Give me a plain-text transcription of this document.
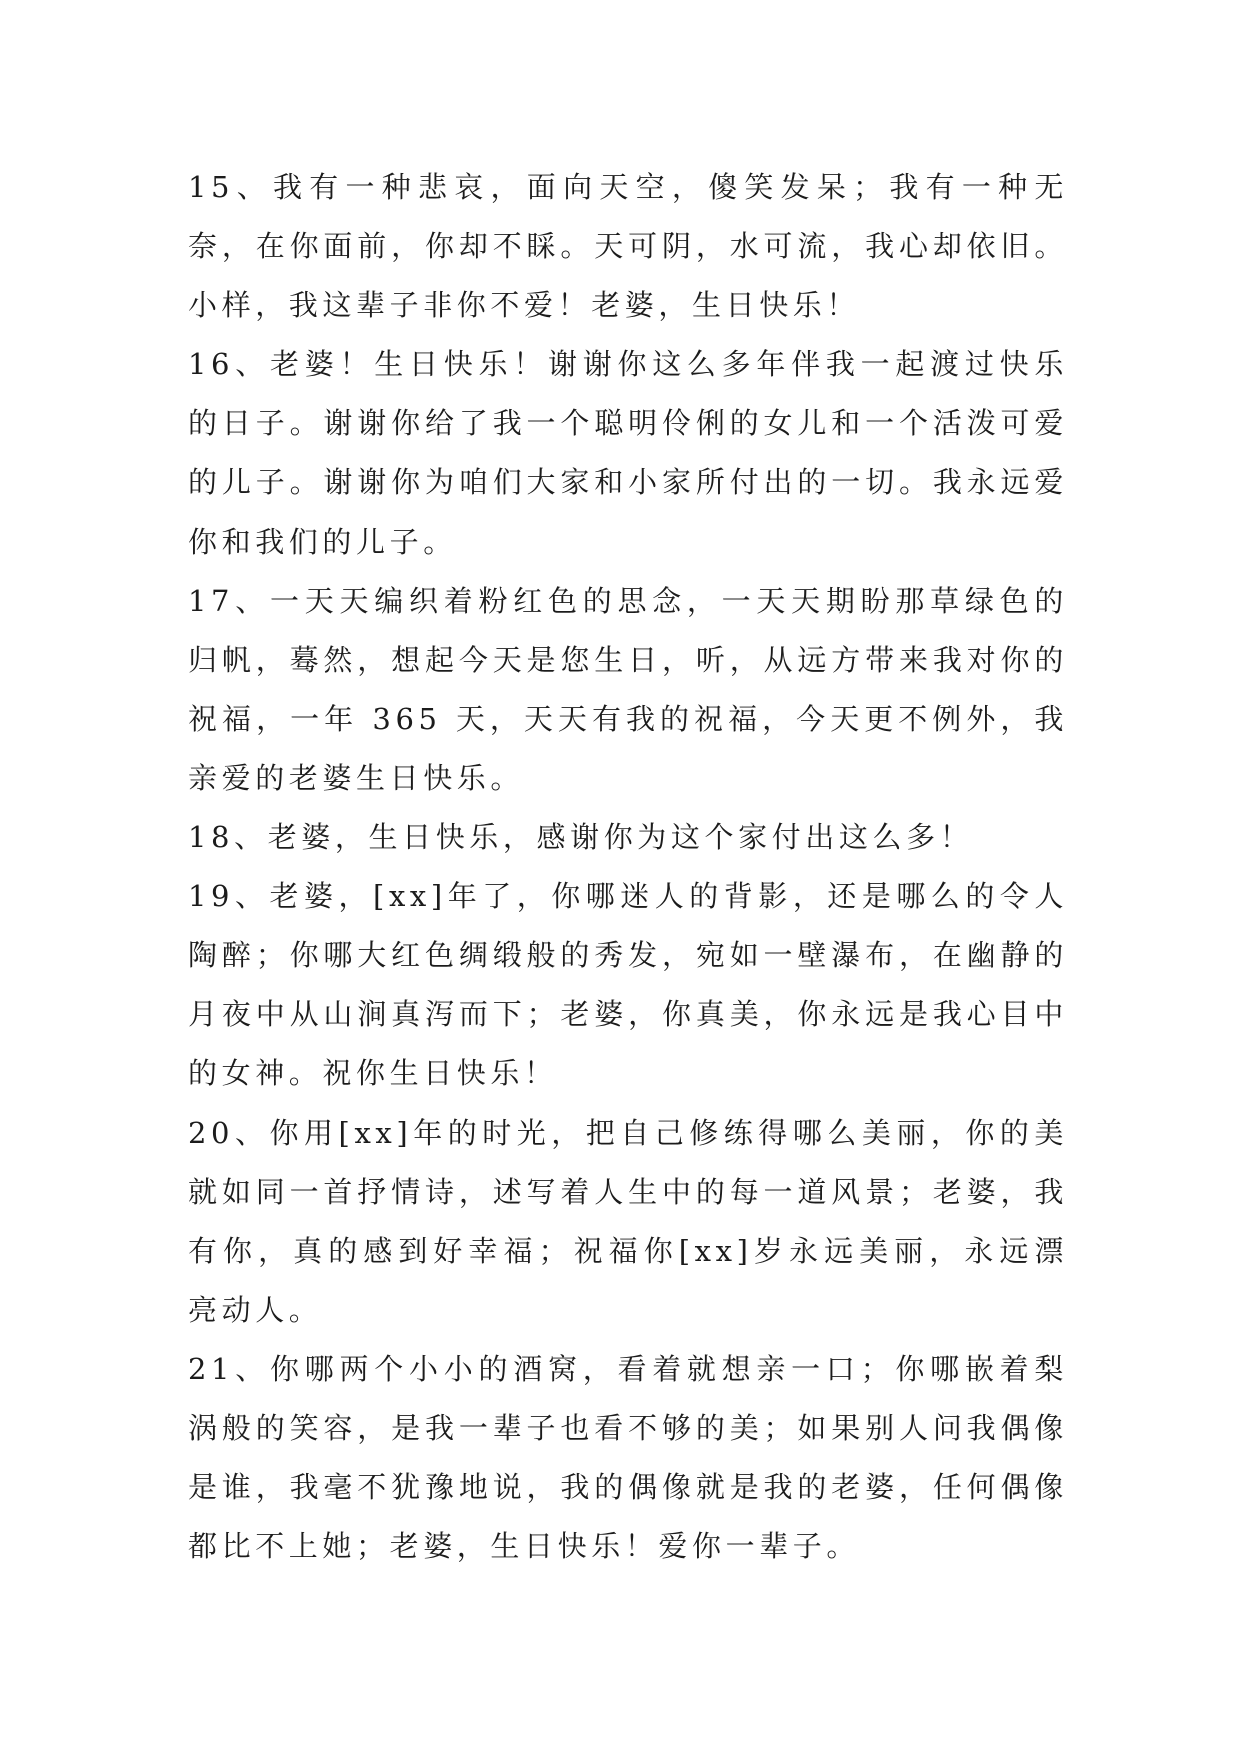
15、我有一种悲哀，面向天空，傻笑发呆；我有一种无奈，在你面前，你却不睬。天可阴，水可流，我心却依旧。小样，我这辈子非你不爱！老婆，生日快乐！

16、老婆！生日快乐！谢谢你这么多年伴我一起渡过快乐的日子。谢谢你给了我一个聪明伶俐的女儿和一个活泼可爱的儿子。谢谢你为咱们大家和小家所付出的一切。我永远爱你和我们的儿子。

17、一天天编织着粉红色的思念，一天天期盼那草绿色的归帆，蓦然，想起今天是您生日，听，从远方带来我对你的祝福，一年 365 天，天天有我的祝福，今天更不例外，我亲爱的老婆生日快乐。

18、老婆，生日快乐，感谢你为这个家付出这么多！

19、老婆，[xx]年了，你哪迷人的背影，还是哪么的令人陶醉；你哪大红色绸缎般的秀发，宛如一壁瀑布，在幽静的月夜中从山涧真泻而下；老婆，你真美，你永远是我心目中的女神。祝你生日快乐！

20、你用[xx]年的时光，把自己修练得哪么美丽，你的美就如同一首抒情诗，述写着人生中的每一道风景；老婆，我有你，真的感到好幸福；祝福你[xx]岁永远美丽，永远漂亮动人。

21、你哪两个小小的酒窝，看着就想亲一口；你哪嵌着梨涡般的笑容，是我一辈子也看不够的美；如果别人问我偶像是谁，我毫不犹豫地说，我的偶像就是我的老婆，任何偶像都比不上她；老婆，生日快乐！爱你一辈子。
